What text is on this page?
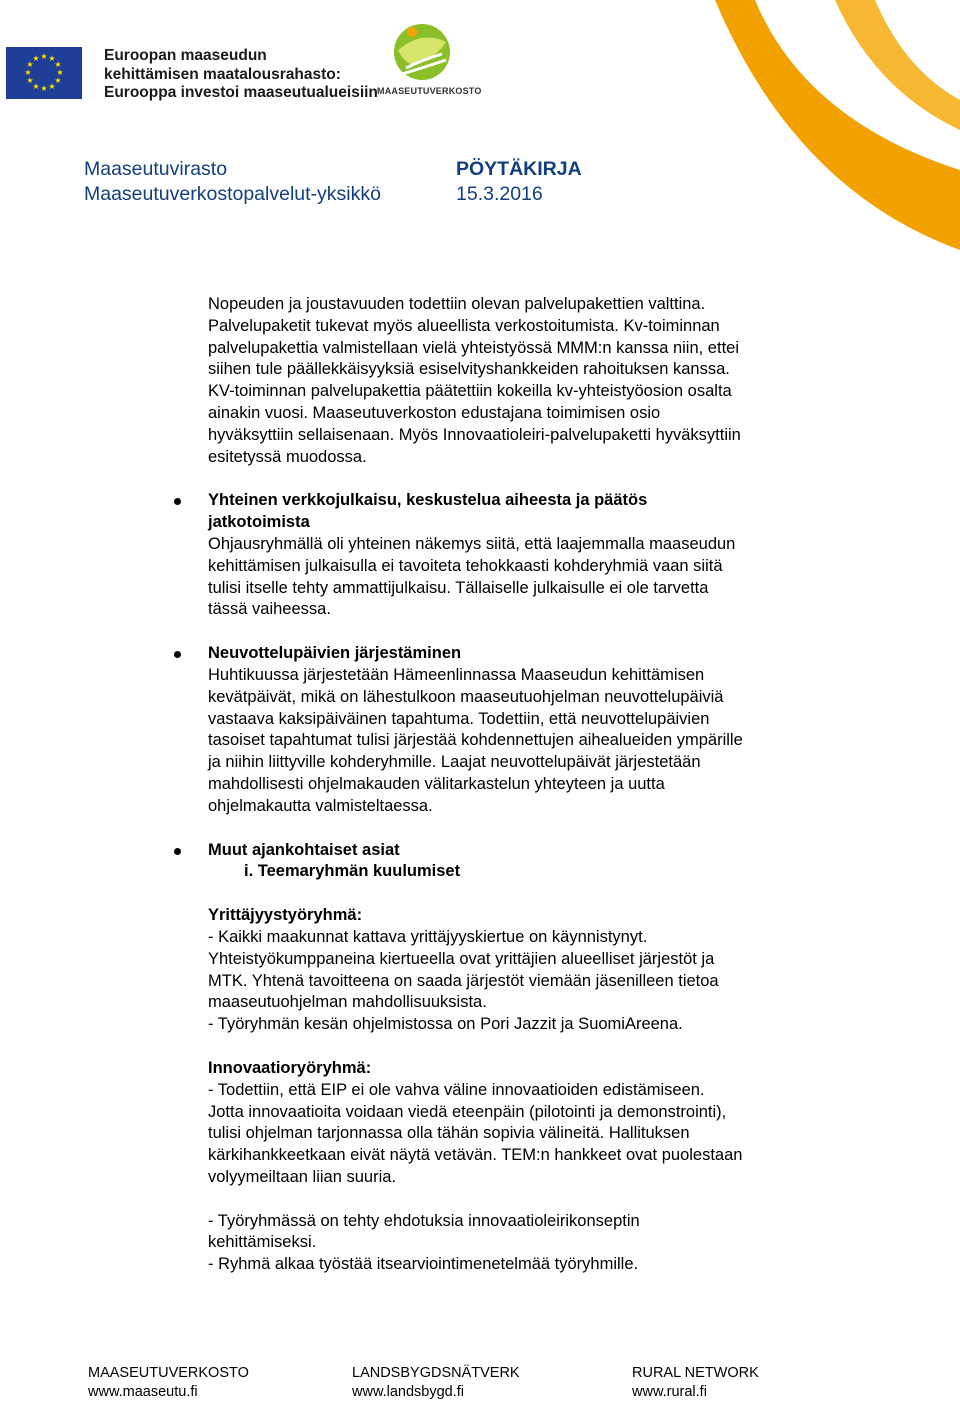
★ ★
★
★
★
★
★
★
★
★
★
★	Euroopan maaseudun
kehittämisen maatalousrahasto:
Eurooppa investoi maaseutualueisiin MAASEUTUVERKOSTO
Maaseutuvirasto
Maaseutuverkostopalvelut-yksikkö
PÖYTÄKIRJA
15.3.2016

Nopeuden ja joustavuuden todettiin olevan palvelupakettien valttina.

Palvelupaketit tukevat myös alueellista verkostoitumista. Kv-toiminnan

palvelupakettia valmistellaan vielä yhteistyössä MMM:n kanssa niin, ettei

siihen tule päällekkäisyyksiä esiselvityshankkeiden rahoituksen kanssa.

KV-toiminnan palvelupakettia päätettiin kokeilla kv-yhteistyöosion osalta

ainakin vuosi. Maaseutuverkoston edustajana toimimisen osio

hyväksyttiin sellaisenaan. Myös Innovaatioleiri-palvelupaketti hyväksyttiin

esitetyssä muodossa.

Yhteinen verkkojulkaisu, keskustelua aiheesta ja päätös

jatkotoimista

Ohjausryhmällä oli yhteinen näkemys siitä, että laajemmalla maaseudun

kehittämisen julkaisulla ei tavoiteta tehokkaasti kohderyhmiä vaan siitä

tulisi itselle tehty ammattijulkaisu. Tällaiselle julkaisulle ei ole tarvetta

tässä vaiheessa.

Neuvottelupäivien järjestäminen

Huhtikuussa järjestetään Hämeenlinnassa Maaseudun kehittämisen

kevätpäivät, mikä on lähestulkoon maaseutuohjelman neuvottelupäiviä

vastaava kaksipäiväinen tapahtuma. Todettiin, että neuvottelupäivien

tasoiset tapahtumat tulisi järjestää kohdennettujen aihealueiden ympärille

ja niihin liittyville kohderyhmille. Laajat neuvottelupäivät järjestetään

mahdollisesti ohjelmakauden välitarkastelun yhteyteen ja uutta

ohjelmakautta valmisteltaessa.

Muut ajankohtaiset asiat

i. Teemaryhmän kuulumiset

Yrittäjyystyöryhmä:

- Kaikki maakunnat kattava yrittäjyyskiertue on käynnistynyt.

Yhteistyökumppaneina kiertueella ovat yrittäjien alueelliset järjestöt ja

MTK. Yhtenä tavoitteena on saada järjestöt viemään jäsenilleen tietoa

maaseutuohjelman mahdollisuuksista.

- Työryhmän kesän ohjelmistossa on Pori Jazzit ja SuomiAreena.

Innovaatioryöryhmä:

- Todettiin, että EIP ei ole vahva väline innovaatioiden edistämiseen.

Jotta innovaatioita voidaan viedä eteenpäin (pilotointi ja demonstrointi),

tulisi ohjelman tarjonnassa olla tähän sopivia välineitä. Hallituksen

kärkihankkeetkaan eivät näytä vetävän. TEM:n hankkeet ovat puolestaan

volyymeiltaan liian suuria.

- Työryhmässä on tehty ehdotuksia innovaatioleirikonseptin

kehittämiseksi.

- Ryhmä alkaa työstää itsearviointimenetelmää työryhmille.

MAASEUTUVERKOSTO
www.maaseutu.fi
LANDSBYGDSNÄTVERK
www.landsbygd.fi
RURAL NETWORK
www.rural.fi
